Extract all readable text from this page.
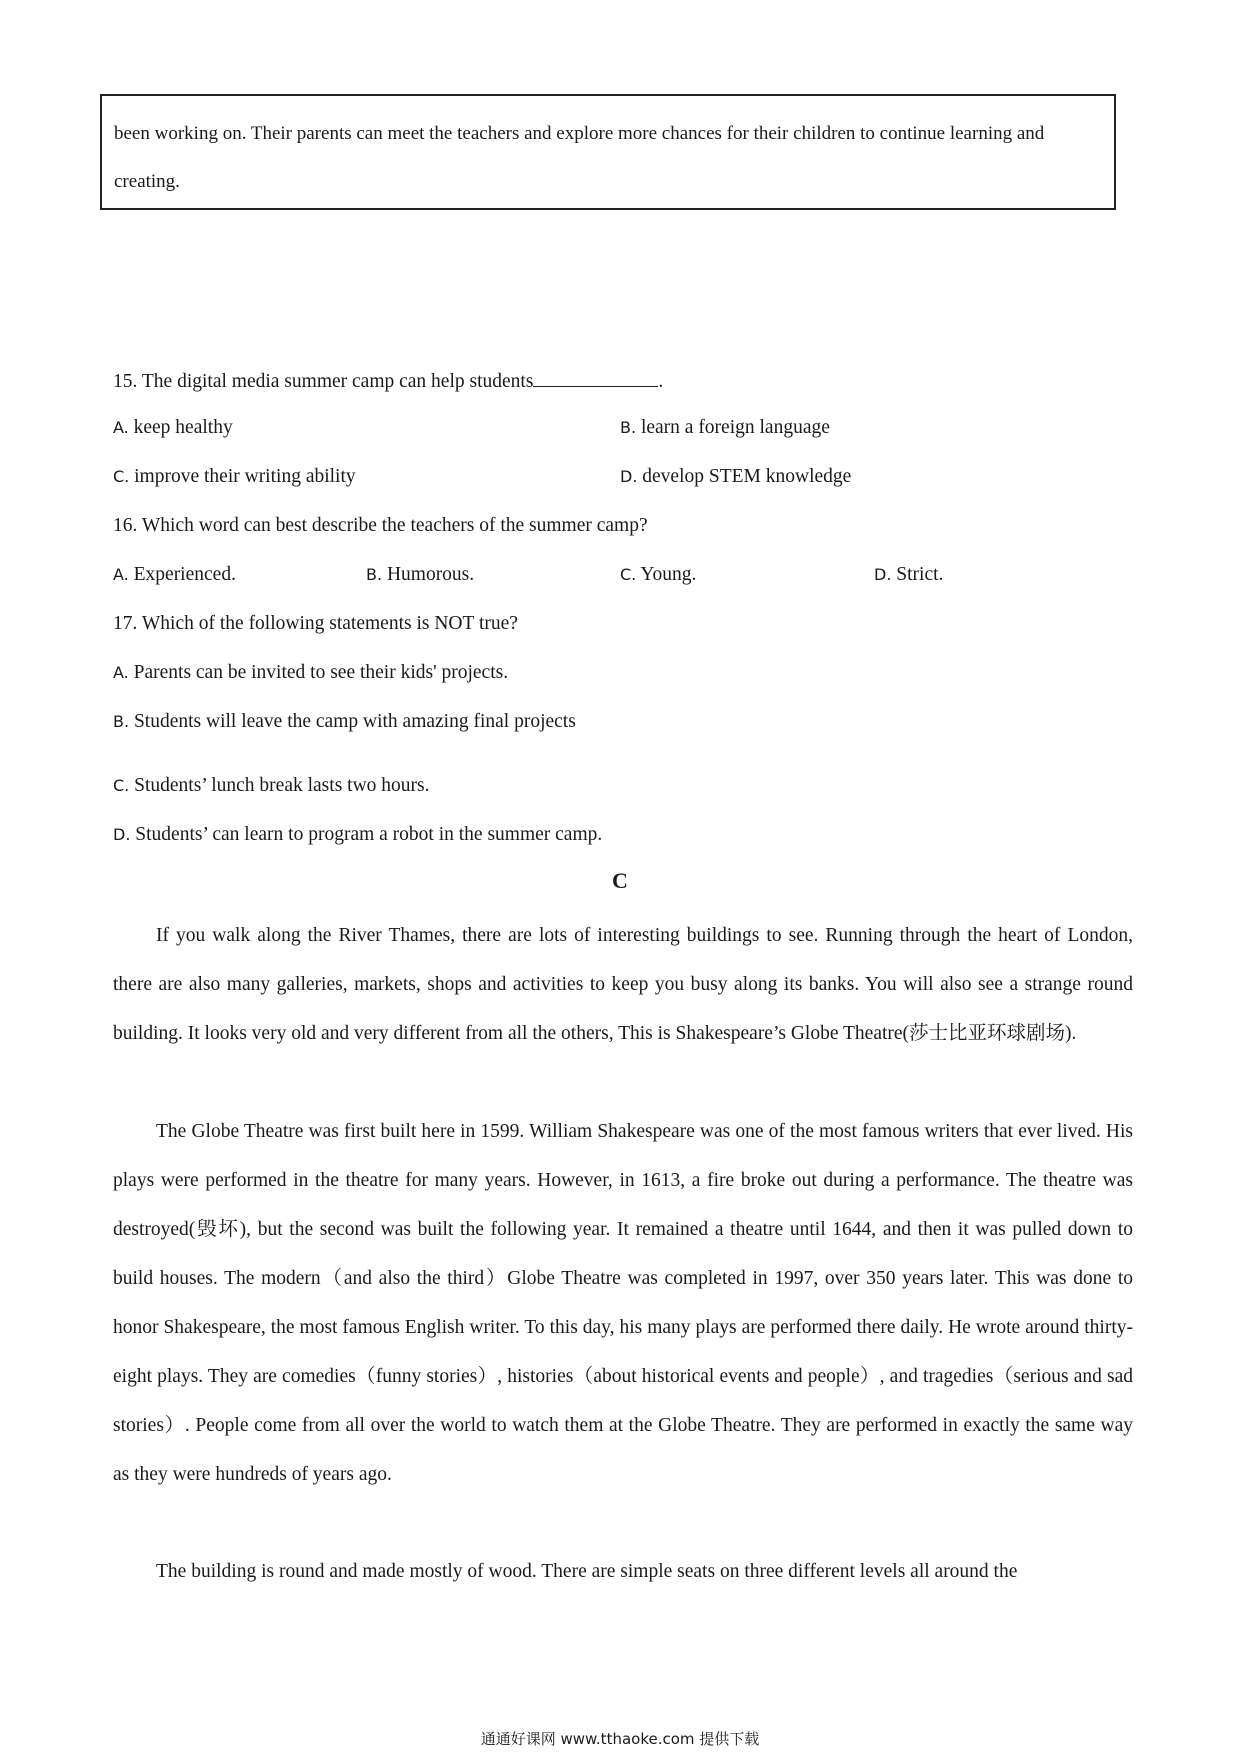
been working on. Their parents can meet the teachers and explore more chances for their children to continue learning and creating.

15. The digital media summer camp can help students	.
A. keep healthy	B. learn a foreign language
C. improve their writing ability	D. develop STEM knowledge
16. Which word can best describe the teachers of the summer camp?
A. Experienced.	B. Humorous.	C. Young.	D. Strict.
17. Which of the following statements is NOT true?
A. Parents can be invited to see their kids' projects.
B. Students will leave the camp with amazing final projects
C. Students’ lunch break lasts two hours.
D. Students’ can learn to program a robot in the summer camp.
C

If you walk along the River Thames, there are lots of interesting buildings to see. Running through the heart of London, there are also many galleries, markets, shops and activities to keep you busy along its banks. You will also see a strange round building. It looks very old and very different from all the others, This is Shakespeare’s Globe Theatre(莎士比亚环球剧场).

The Globe Theatre was first built here in 1599. William Shakespeare was one of the most famous writers that ever lived. His plays were performed in the theatre for many years. However, in 1613, a fire broke out during a performance. The theatre was destroyed(毁坏), but the second was built the following year. It remained a theatre until 1644, and then it was pulled down to build houses. The modern（and also the third）Globe Theatre was completed in 1997, over 350 years later. This was done to honor Shakespeare, the most famous English writer. To this day, his many plays are performed there daily. He wrote around thirty-eight plays. They are comedies（funny stories）, histories（about historical events and people）, and tragedies（serious and sad stories）. People come from all over the world to watch them at the Globe Theatre. They are performed in exactly the same way as they were hundreds of years ago.

The building is round and made mostly of wood. There are simple seats on three different levels all around the

通通好课网 www.tthaoke.com 提供下载
